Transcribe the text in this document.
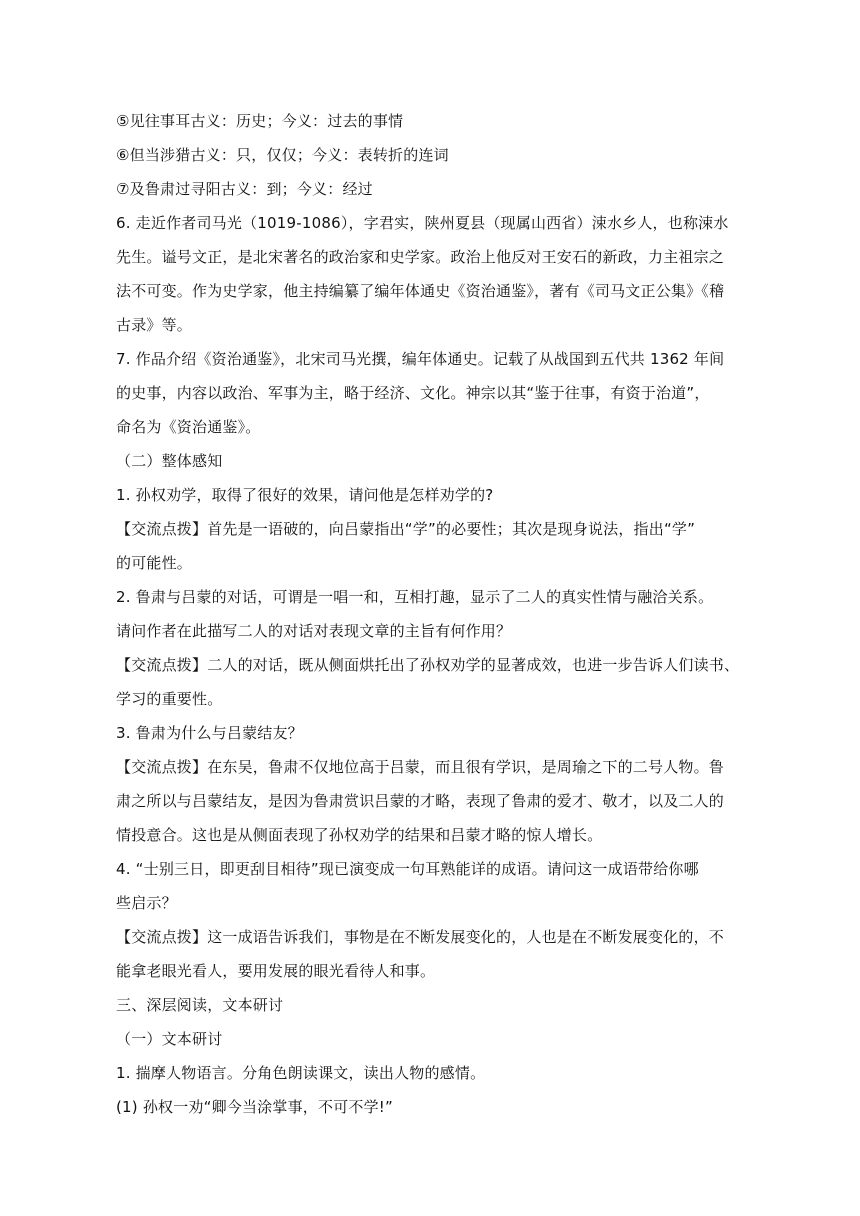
⑤见往事耳古义：历史；今义：过去的事情
⑥但当涉猎古义：只，仅仅；今义：表转折的连词
⑦及鲁肃过寻阳古义：到；今义：经过
6. 走近作者司马光（1019-1086），字君实，陕州夏县（现属山西省）涑水乡人，也称涑水
先生。谥号文正，是北宋著名的政治家和史学家。政治上他反对王安石的新政，力主祖宗之
法不可变。作为史学家，他主持编纂了编年体通史《资治通鉴》，著有《司马文正公集》《稽
古录》等。
7. 作品介绍《资治通鉴》，北宋司马光撰，编年体通史。记载了从战国到五代共 1362 年间
的史事，内容以政治、军事为主，略于经济、文化。神宗以其“鉴于往事，有资于治道”，
命名为《资治通鉴》。
（二）整体感知
1. 孙权劝学，取得了很好的效果，请问他是怎样劝学的?
【交流点拨】首先是一语破的，向吕蒙指出“学”的必要性；其次是现身说法，指出“学”
的可能性。
2. 鲁肃与吕蒙的对话，可谓是一唱一和，互相打趣，显示了二人的真实性情与融洽关系。
请问作者在此描写二人的对话对表现文章的主旨有何作用？
【交流点拨】二人的对话，既从侧面烘托出了孙权劝学的显著成效，也进一步告诉人们读书、
学习的重要性。
3. 鲁肃为什么与吕蒙结友？
【交流点拨】在东吴，鲁肃不仅地位高于吕蒙，而且很有学识，是周瑜之下的二号人物。鲁
肃之所以与吕蒙结友，是因为鲁肃赏识吕蒙的才略，表现了鲁肃的爱才、敬才，以及二人的
情投意合。这也是从侧面表现了孙权劝学的结果和吕蒙才略的惊人增长。
4. “士别三日，即更刮目相待”现已演变成一句耳熟能详的成语。请问这一成语带给你哪
些启示？
【交流点拨】这一成语告诉我们，事物是在不断发展变化的，人也是在不断发展变化的，不
能拿老眼光看人，要用发展的眼光看待人和事。
三、深层阅读，文本研讨
（一）文本研讨
1. 揣摩人物语言。分角色朗读课文，读出人物的感情。
(1) 孙权一劝“卿今当涂掌事，不可不学!”
